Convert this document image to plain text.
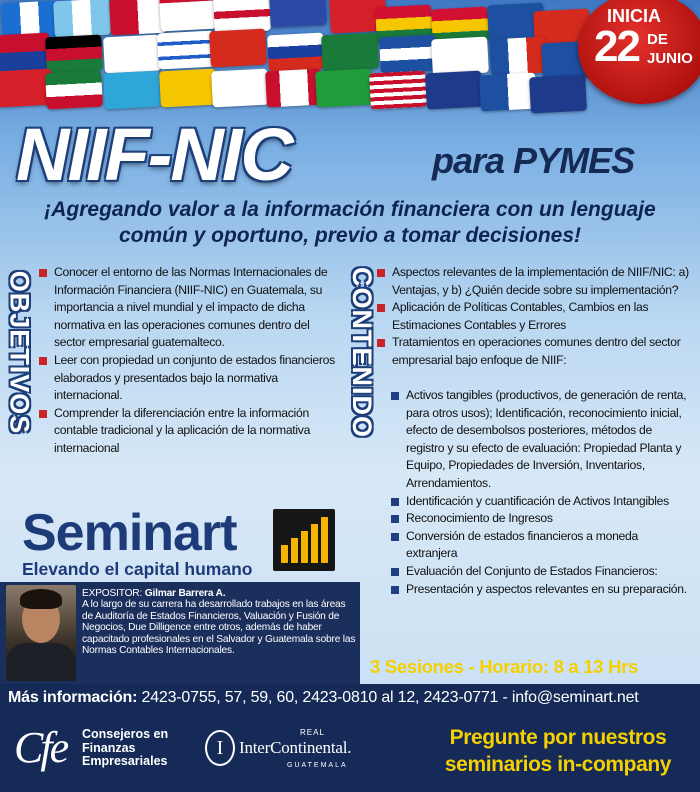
INICIA
22 DE
JUNIO
NIIF-NIC	para PYMES
¡Agregando valor a la información financiera con un lenguaje
común y oportuno, previo a tomar decisiones!
OBJETIVOS	Conocer el entorno de las Normas Internacionales de Información Financiera (NIIF-NIC) en Guatemala, su importancia a nivel mundial y el impacto de dicha normativa en las operaciones comunes dentro del sector empresarial guatemalteco.
Leer con propiedad un conjunto de estados financieros elaborados y presentados bajo la normativa internacional.
Comprender la diferenciación entre la información contable tradicional y la aplicación de la normativa internacional
CONTENIDO	Aspectos relevantes de la implementación de NIIF/NIC: a) Ventajas, y b) ¿Quién decide sobre su implementación?
Aplicación de Políticas Contables, Cambios en las Estimaciones Contables y Errores
Tratamientos en operaciones comunes dentro del sector empresarial bajo enfoque de NIIF:
Activos tangibles (productivos, de generación de renta, para otros usos); Identificación, reconocimiento inicial, efecto de desembolsos posteriores, métodos de registro y su efecto de evaluación: Propiedad Planta y Equipo, Propiedades de Inversión, Inventarios, Arrendamientos.
Identificación y cuantificación de Activos Intangibles
Reconocimiento de Ingresos
Conversión de estados financieros a moneda extranjera
Evaluación del Conjunto de Estados Financieros:
Presentación y aspectos relevantes en su preparación.
Seminart
Elevando el capital humano
EXPOSITOR: Gilmar Barrera A.
A lo largo de su carrera ha desarrollado trabajos en las áreas de Auditoría de Estados Financieros, Valuación y Fusión de Negocios, Due Dilligence entre otros, además de haber capacitado profesionales en el Salvador y Guatemala sobre las Normas Contables Internacionales.
3 Sesiones - Horario: 8 a 13 Hrs
Más información: 2423-0755, 57, 59, 60, 2423-0810 al 12, 2423-0771 - info@seminart.net
Cfe Consejeros en
Finanzas
Empresariales
I
REAL
InterContinental.
GUATEMALA
Pregunte por nuestros
seminarios in-company
